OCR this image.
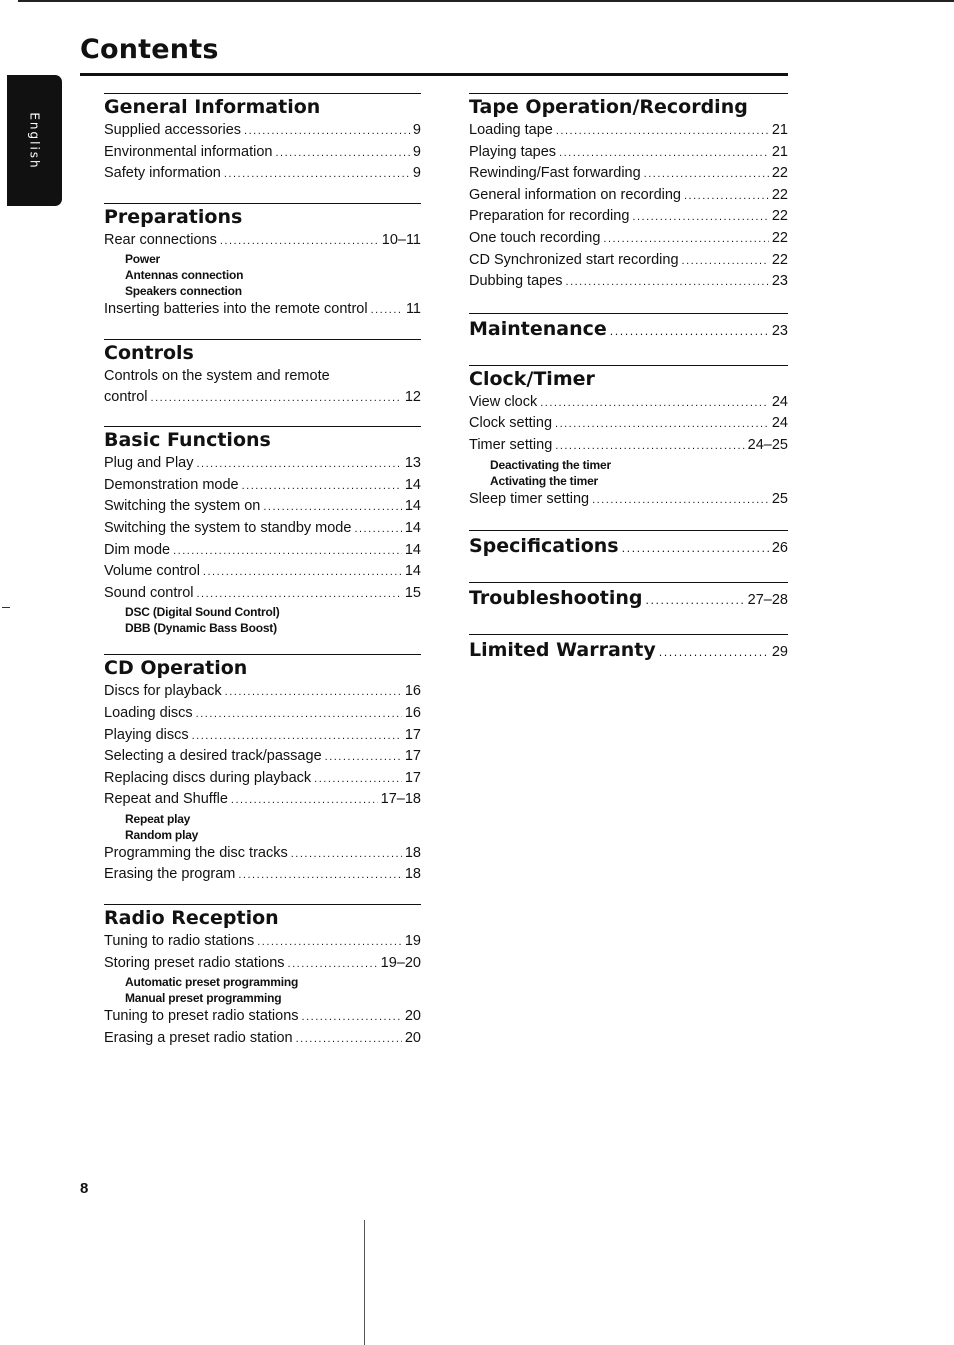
English
Contents
General Information
Supplied accessories .....	9
Environmental information .....	9
Safety information .....	9
Preparations
Rear connections .....	10–11
Power
Antennas connection
Speakers connection
Inserting batteries into the remote control .....	11
Controls
Controls on the system and remote
control .....	12
Basic Functions
Plug and Play .....	13
Demonstration mode .....	14
Switching the system on .....	14
Switching the system to standby mode .....	14
Dim mode .....	14
Volume control .....	14
Sound control .....	15
DSC (Digital Sound Control)
DBB (Dynamic Bass Boost)
CD Operation
Discs for playback .....	16
Loading discs .....	16
Playing discs .....	17
Selecting a desired track/passage .....	17
Replacing discs during playback .....	17
Repeat and Shuffle .....	17–18
Repeat play
Random play
Programming the disc tracks .....	18
Erasing the program .....	18
Radio Reception
Tuning to radio stations .....	19
Storing preset radio stations .....	19–20
Automatic preset programming
Manual preset programming
Tuning to preset radio stations .....	20
Erasing a preset radio station .....	20
Tape Operation/Recording
Loading tape .....	21
Playing tapes .....	21
Rewinding/Fast forwarding .....	22
General information on recording .....	22
Preparation for recording .....	22
One touch recording .....	22
CD Synchronized start recording .....	22
Dubbing tapes .....	23
Maintenance .....	23
Clock/Timer
View clock .....	24
Clock setting .....	24
Timer setting .....	24–25
Deactivating the timer
Activating the timer
Sleep timer setting .....	25
Specifications .....	26
Troubleshooting .....	27–28
Limited Warranty .....	29
8
